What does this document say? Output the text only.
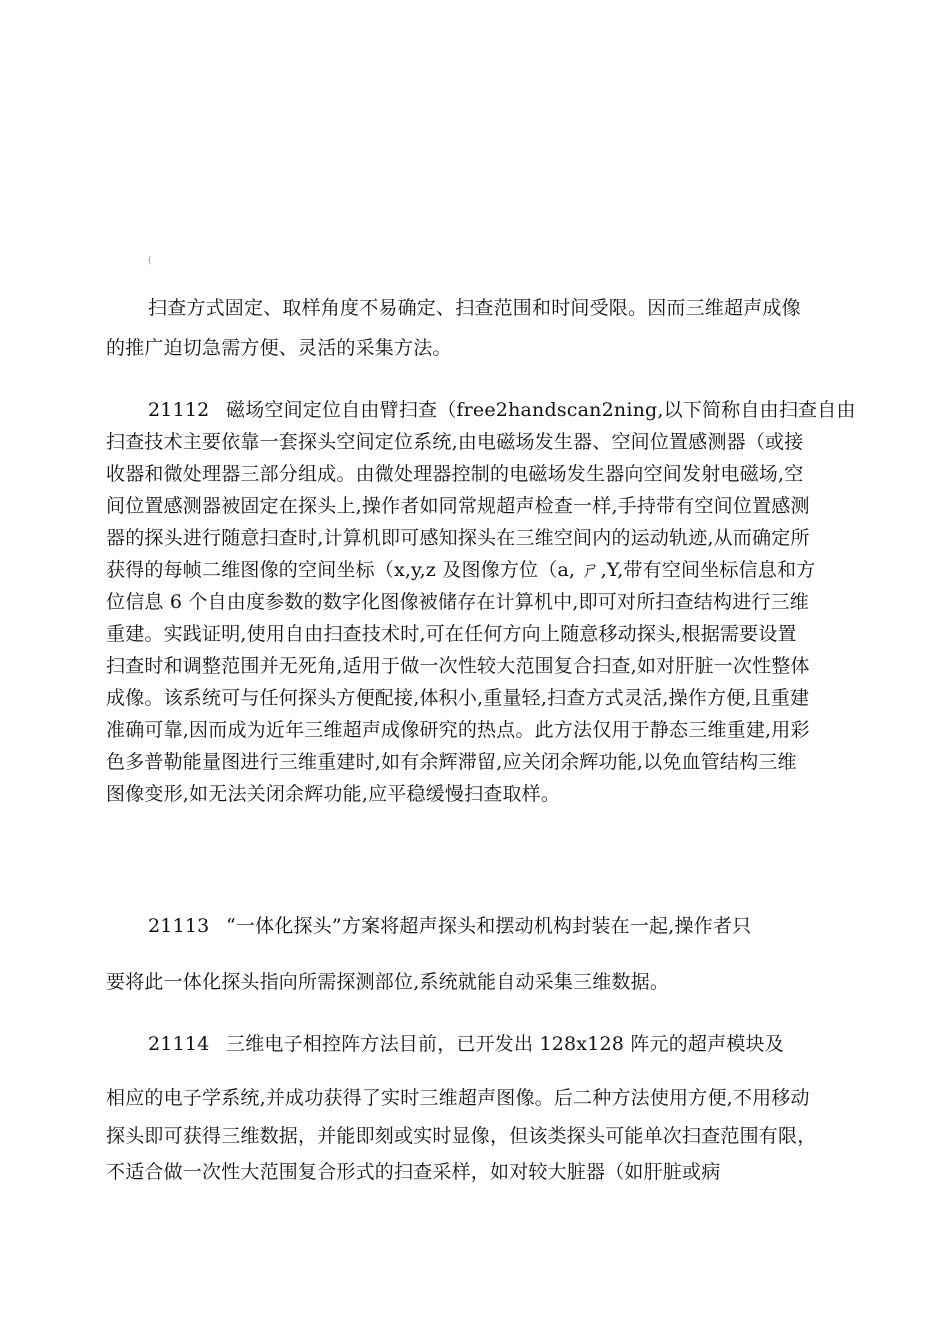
(
扫查方式固定、取样角度不易确定、扫查范围和时间受限。因而三维超声成像
的推广迫切急需方便、灵活的采集方法。
21112 磁场空间定位自由臂扫查（free2handscan2ning,以下简称自由扫查自由
扫查技术主要依靠一套探头空间定位系统,由电磁场发生器、空间位置感测器（或接
收器和微处理器三部分组成。由微处理器控制的电磁场发生器向空间发射电磁场,空
间位置感测器被固定在探头上,操作者如同常规超声检查一样,手持带有空间位置感测
器的探头进行随意扫查时,计算机即可感知探头在三维空间内的运动轨迹,从而确定所
获得的每帧二维图像的空间坐标（x,y,z 及图像方位（a, ㄕ,Y,带有空间坐标信息和方
位信息 6 个自由度参数的数字化图像被储存在计算机中,即可对所扫查结构进行三维
重建。实践证明,使用自由扫查技术时,可在任何方向上随意移动探头,根据需要设置
扫查时和调整范围并无死角,适用于做一次性较大范围复合扫查,如对肝脏一次性整体
成像。该系统可与任何探头方便配接,体积小,重量轻,扫查方式灵活,操作方便,且重建
准确可靠,因而成为近年三维超声成像研究的热点。此方法仅用于静态三维重建,用彩
色多普勒能量图进行三维重建时,如有余辉滞留,应关闭余辉功能,以免血管结构三维
图像变形,如无法关闭余辉功能,应平稳缓慢扫查取样。
21113 “一体化探头”方案将超声探头和摆动机构封装在一起,操作者只
要将此一体化探头指向所需探测部位,系统就能自动采集三维数据。
21114 三维电子相控阵方法目前，已开发出 128x128 阵元的超声模块及
相应的电子学系统,并成功获得了实时三维超声图像。后二种方法使用方便,不用移动
探头即可获得三维数据，并能即刻或实时显像，但该类探头可能单次扫查范围有限，
不适合做一次性大范围复合形式的扫查采样，如对较大脏器（如肝脏或病
